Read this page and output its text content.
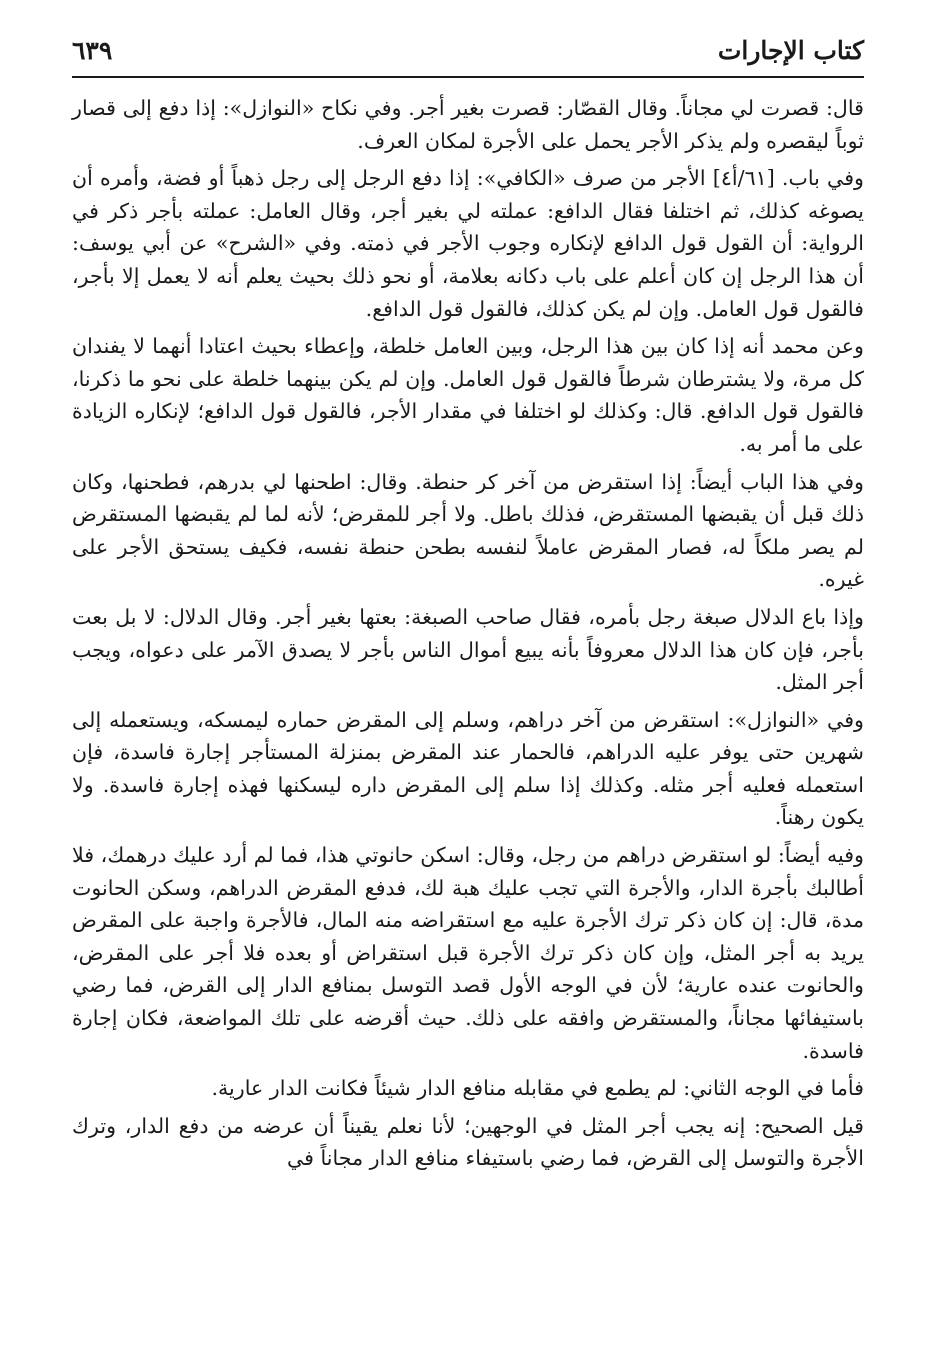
كتاب الإجارات
٦٣٩

قال: قصرت لي مجاناً. وقال القصّار: قصرت بغير أجر. وفي نكاح «النوازل»: إذا دفع إلى قصار ثوباً ليقصره ولم يذكر الأجر يحمل على الأجرة لمكان العرف.

وفي باب. [٦١/أ٤] الأجر من صرف «الكافي»: إذا دفع الرجل إلى رجل ذهباً أو فضة، وأمره أن يصوغه كذلك، ثم اختلفا فقال الدافع: عملته لي بغير أجر، وقال العامل: عملته بأجر ذكر في الرواية: أن القول قول الدافع لإنكاره وجوب الأجر في ذمته. وفي «الشرح» عن أبي يوسف: أن هذا الرجل إن كان أعلم على باب دكانه بعلامة، أو نحو ذلك بحيث يعلم أنه لا يعمل إلا بأجر، فالقول قول العامل. وإن لم يكن كذلك، فالقول قول الدافع.

وعن محمد أنه إذا كان بين هذا الرجل، وبين العامل خلطة، وإعطاء بحيث اعتادا أنهما لا يفندان كل مرة، ولا يشترطان شرطاً فالقول قول العامل. وإن لم يكن بينهما خلطة على نحو ما ذكرنا، فالقول قول الدافع. قال: وكذلك لو اختلفا في مقدار الأجر، فالقول قول الدافع؛ لإنكاره الزيادة على ما أمر به.

وفي هذا الباب أيضاً: إذا استقرض من آخر كر حنطة. وقال: اطحنها لي بدرهم، فطحنها، وكان ذلك قبل أن يقبضها المستقرض، فذلك باطل. ولا أجر للمقرض؛ لأنه لما لم يقبضها المستقرض لم يصر ملكاً له، فصار المقرض عاملاً لنفسه بطحن حنطة نفسه، فكيف يستحق الأجر على غيره.

وإذا باع الدلال صبغة رجل بأمره، فقال صاحب الصبغة: بعتها بغير أجر. وقال الدلال: لا بل بعت بأجر، فإن كان هذا الدلال معروفاً بأنه يبيع أموال الناس بأجر لا يصدق الآمر على دعواه، ويجب أجر المثل.

وفي «النوازل»: استقرض من آخر دراهم، وسلم إلى المقرض حماره ليمسكه، ويستعمله إلى شهرين حتى يوفر عليه الدراهم، فالحمار عند المقرض بمنزلة المستأجر إجارة فاسدة، فإن استعمله فعليه أجر مثله. وكذلك إذا سلم إلى المقرض داره ليسكنها فهذه إجارة فاسدة. ولا يكون رهناً.

وفيه أيضاً: لو استقرض دراهم من رجل، وقال: اسكن حانوتي هذا، فما لم أرد عليك درهمك، فلا أطالبك بأجرة الدار، والأجرة التي تجب عليك هبة لك، فدفع المقرض الدراهم، وسكن الحانوت مدة، قال: إن كان ذكر ترك الأجرة عليه مع استقراضه منه المال، فالأجرة واجبة على المقرض يريد به أجر المثل، وإن كان ذكر ترك الأجرة قبل استقراض أو بعده فلا أجر على المقرض، والحانوت عنده عارية؛ لأن في الوجه الأول قصد التوسل بمنافع الدار إلى القرض، فما رضي باستيفائها مجاناً، والمستقرض وافقه على ذلك. حيث أقرضه على تلك المواضعة، فكان إجارة فاسدة.

فأما في الوجه الثاني: لم يطمع في مقابله منافع الدار شيئاً فكانت الدار عارية.

قيل الصحيح: إنه يجب أجر المثل في الوجهين؛ لأنا نعلم يقيناً أن عرضه من دفع الدار، وترك الأجرة والتوسل إلى القرض، فما رضي باستيفاء منافع الدار مجاناً في
